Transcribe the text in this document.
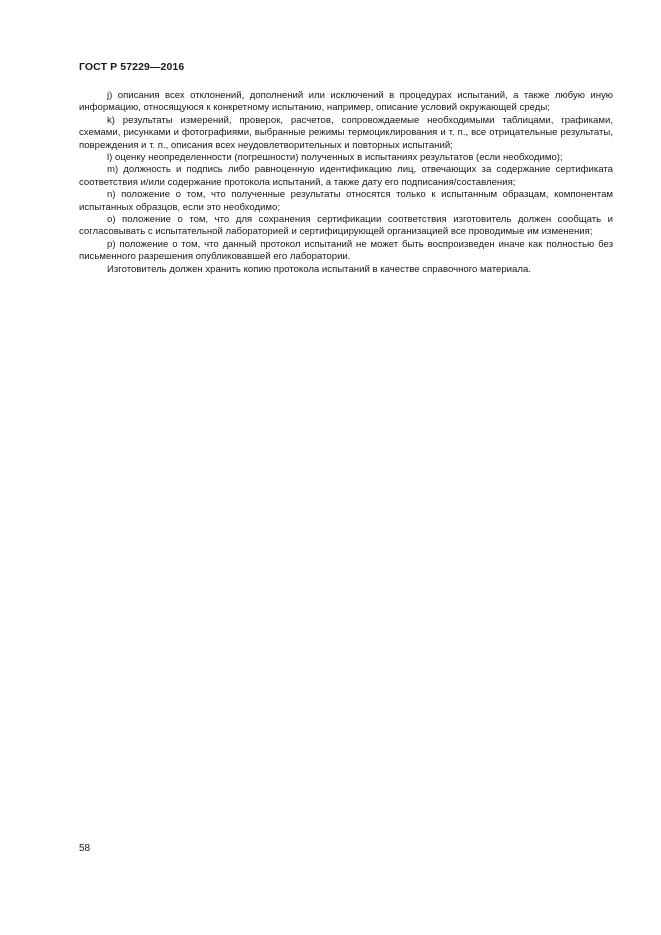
ГОСТ Р 57229—2016

j) описания всех отклонений, дополнений или исключений в процедурах испытаний, а также любую иную информацию, относящуюся к конкретному испытанию, например, описание условий окружающей среды;

k) результаты измерений, проверок, расчетов, сопровождаемые необходимыми таблицами, графиками, схемами, рисунками и фотографиями, выбранные режимы термоциклирования и т. п., все отрицательные результаты, повреждения и т. п., описания всех неудовлетворительных и повторных испытаний;

l) оценку неопределенности (погрешности) полученных в испытаниях результатов (если необходимо);

m) должность и подпись либо равноценную идентификацию лиц, отвечающих за содержание сертификата соответствия и/или содержание протокола испытаний, а также дату его подписания/составления;

n) положение о том, что полученные результаты относятся только к испытанным образцам, компонентам испытанных образцов, если это необходимо;

o) положение о том, что для сохранения сертификации соответствия изготовитель должен сообщать и согласовывать с испытательной лабораторией и сертифицирующей организацией все проводимые им изменения;

p) положение о том, что данный протокол испытаний не может быть воспроизведен иначе как полностью без письменного разрешения опубликовавшей его лаборатории.

Изготовитель должен хранить копию протокола испытаний в качестве справочного материала.

58
